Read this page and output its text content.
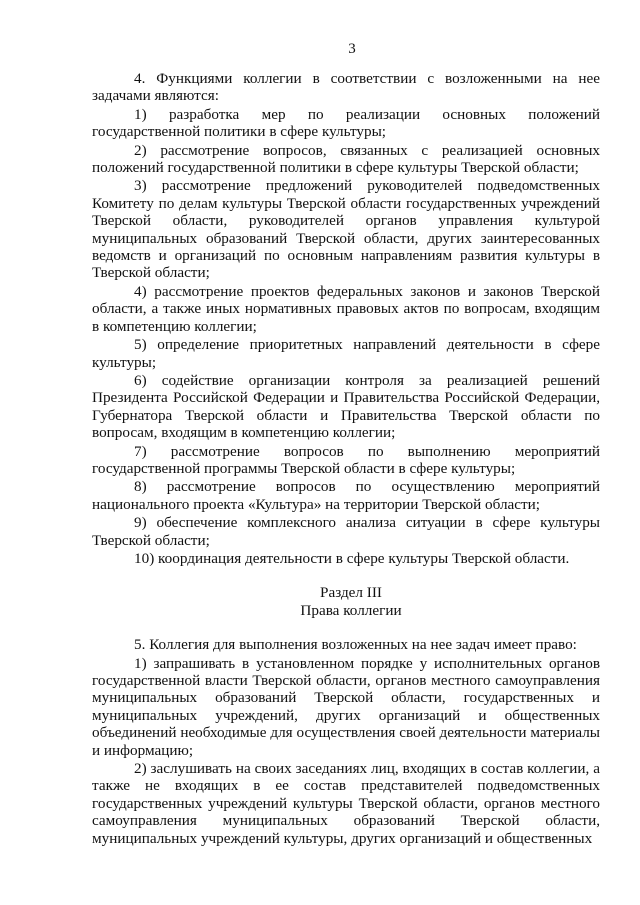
3

4. Функциями коллегии в соответствии с возложенными на нее задачами являются:

1) разработка мер по реализации основных положений государственной политики в сфере культуры;

2) рассмотрение вопросов, связанных с реализацией основных положений государственной политики в сфере культуры Тверской области;

3) рассмотрение предложений руководителей подведомственных Комитету по делам культуры Тверской области государственных учреждений Тверской области, руководителей органов управления культурой муниципальных образований Тверской области, других заинтересованных ведомств и организаций по основным направлениям развития культуры в Тверской области;

4) рассмотрение проектов федеральных законов и законов Тверской области, а также иных нормативных правовых актов по вопросам, входящим в компетенцию коллегии;

5) определение приоритетных направлений деятельности в сфере культуры;

6) содействие организации контроля за реализацией решений Президента Российской Федерации и Правительства Российской Федерации, Губернатора Тверской области и Правительства Тверской области по вопросам, входящим в компетенцию коллегии;

7) рассмотрение вопросов по выполнению мероприятий государственной программы Тверской области в сфере культуры;

8) рассмотрение вопросов по осуществлению мероприятий национального проекта «Культура» на территории Тверской области;

9) обеспечение комплексного анализа ситуации в сфере культуры Тверской области;

10) координация деятельности в сфере культуры Тверской области.

Раздел III
Права коллегии

5. Коллегия для выполнения возложенных на нее задач имеет право:

1) запрашивать в установленном порядке у исполнительных органов государственной власти Тверской области, органов местного самоуправления муниципальных образований Тверской области, государственных и муниципальных учреждений, других организаций и общественных объединений необходимые для осуществления своей деятельности материалы и информацию;

2) заслушивать на своих заседаниях лиц, входящих в состав коллегии, а также не входящих в ее состав представителей подведомственных государственных учреждений культуры Тверской области, органов местного самоуправления муниципальных образований Тверской области, муниципальных учреждений культуры, других организаций и общественных
